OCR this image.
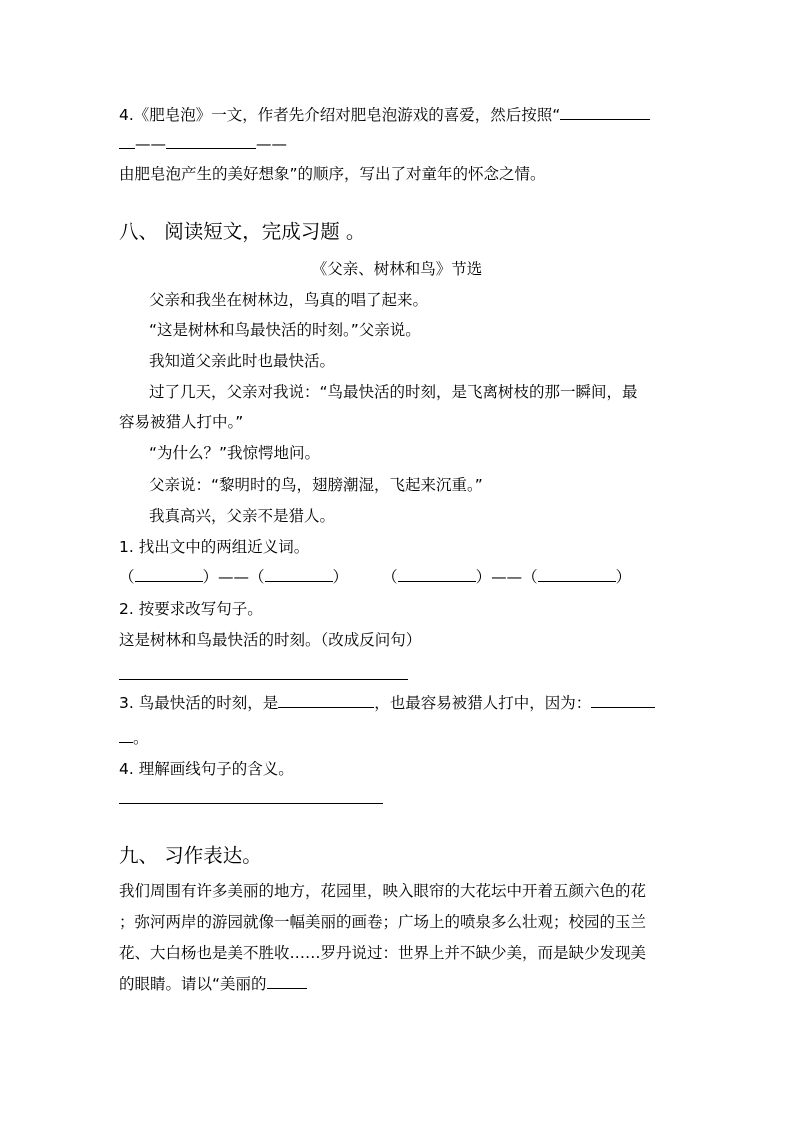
4.《肥皂泡》一文，作者先介绍对肥皂泡游戏的喜爱，然后按照“
——	——
由肥皂泡产生的美好想象”的顺序，写出了对童年的怀念之情。
八、 阅读短文，完成习题 。
《父亲、树林和鸟》节选
父亲和我坐在树林边，鸟真的唱了起来。
“这是树林和鸟最快活的时刻。”父亲说。
我知道父亲此时也最快活。
过了几天，父亲对我说：“鸟最快活的时刻，是飞离树枝的那一瞬间，最
容易被猎人打中。”
“为什么？”我惊愕地问。
父亲说：“黎明时的鸟，翅膀潮湿，飞起来沉重。”
我真高兴，父亲不是猎人。
1. 找出文中的两组近义词。
（	）——（	） （	）——（	）
2. 按要求改写句子。
这是树林和鸟最快活的时刻。（改成反问句）
3. 鸟最快活的时刻，是	，也最容易被猎人打中，因为：
。
4. 理解画线句子的含义。
九、 习作表达。
我们周围有许多美丽的地方，花园里，映入眼帘的大花坛中开着五颜六色的花
；弥河两岸的游园就像一幅美丽的画卷；广场上的喷泉多么壮观；校园的玉兰
花、大白杨也是美不胜收……罗丹说过：世界上并不缺少美，而是缺少发现美
的眼睛。请以“美丽的
